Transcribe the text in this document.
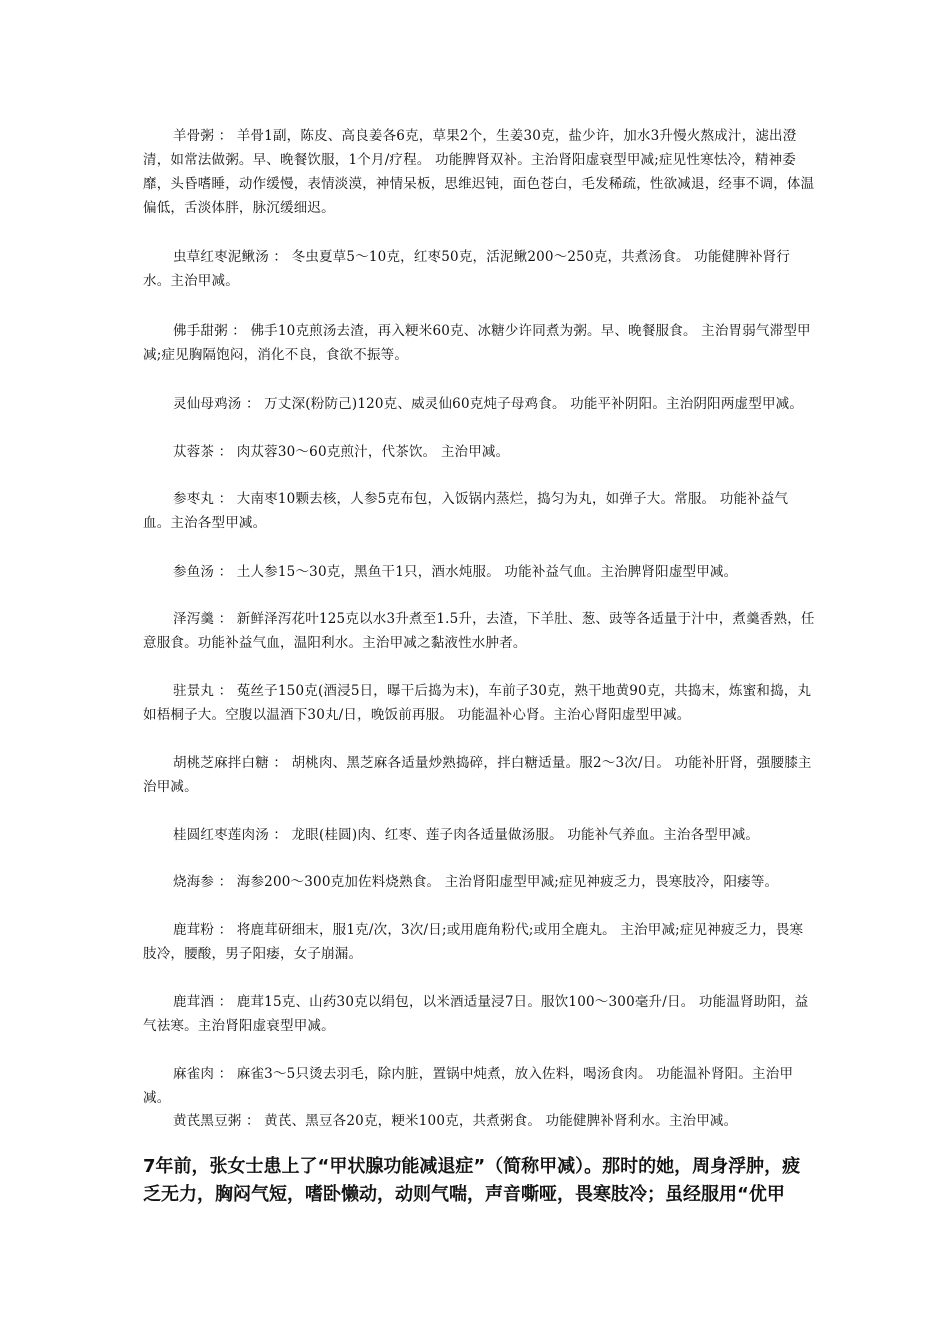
羊骨粥 ： 羊骨1副，陈皮、高良姜各6克，草果2个，生姜30克，盐少许，加水3升慢火熬成汁，滤出澄清，如常法做粥。早、晚餐饮服，1个月/疗程。 功能脾肾双补。主治肾阳虚衰型甲减;症见性寒怯冷，精神委靡，头昏嗜睡，动作缓慢，表情淡漠，神情呆板，思维迟钝，面色苍白，毛发稀疏，性欲减退，经事不调，体温偏低，舌淡体胖，脉沉缓细迟。

虫草红枣泥鳅汤 ： 冬虫夏草5～10克，红枣50克，活泥鳅200～250克，共煮汤食。 功能健脾补肾行水。主治甲减。

佛手甜粥 ： 佛手10克煎汤去渣，再入粳米60克、冰糖少许同煮为粥。早、晚餐服食。 主治胃弱气滞型甲减;症见胸隔饱闷，消化不良，食欲不振等。

灵仙母鸡汤 ： 万丈深(粉防己)120克、威灵仙60克炖子母鸡食。 功能平补阴阳。主治阴阳两虚型甲减。

苁蓉茶 ： 肉苁蓉30～60克煎汁，代茶饮。 主治甲减。

参枣丸 ： 大南枣10颗去核，人参5克布包，入饭锅内蒸烂，捣匀为丸，如弹子大。常服。 功能补益气血。主治各型甲减。

参鱼汤 ： 土人参15～30克，黑鱼干1只，酒水炖服。 功能补益气血。主治脾肾阳虚型甲减。

泽泻羹 ： 新鲜泽泻花叶125克以水3升煮至1.5升，去渣，下羊肚、葱、豉等各适量于汁中，煮羹香熟，任意服食。功能补益气血，温阳利水。主治甲减之黏液性水肿者。

驻景丸 ： 菟丝子150克(酒浸5日，曝干后捣为末)，车前子30克，熟干地黄90克，共捣末，炼蜜和捣，丸如梧桐子大。空腹以温酒下30丸/日，晚饭前再服。 功能温补心肾。主治心肾阳虚型甲减。

胡桃芝麻拌白糖 ： 胡桃肉、黑芝麻各适量炒熟捣碎，拌白糖适量。服2～3次/日。 功能补肝肾，强腰膝主治甲减。

桂圆红枣莲肉汤 ： 龙眼(桂圆)肉、红枣、莲子肉各适量做汤服。 功能补气养血。主治各型甲减。

烧海参 ： 海参200～300克加佐料烧熟食。 主治肾阳虚型甲减;症见神疲乏力，畏寒肢冷，阳痿等。

鹿茸粉 ： 将鹿茸研细末，服1克/次，3次/日;或用鹿角粉代;或用全鹿丸。 主治甲减;症见神疲乏力，畏寒肢冷，腰酸，男子阳痿，女子崩漏。

鹿茸酒 ： 鹿茸15克、山药30克以绢包，以米酒适量浸7日。服饮100～300毫升/日。 功能温肾助阳，益气祛寒。主治肾阳虚衰型甲减。

麻雀肉 ： 麻雀3～5只烫去羽毛，除内脏，置锅中炖煮，放入佐料，喝汤食肉。 功能温补肾阳。主治甲减。

黄芪黑豆粥 ： 黄芪、黑豆各20克，粳米100克，共煮粥食。 功能健脾补肾利水。主治甲减。

7年前，张女士患上了“甲状腺功能减退症”（简称甲减）。那时的她，周身浮肿，疲乏无力，胸闷气短，嗜卧懒动，动则气喘，声音嘶哑，畏寒肢冷；虽经服用“优甲
